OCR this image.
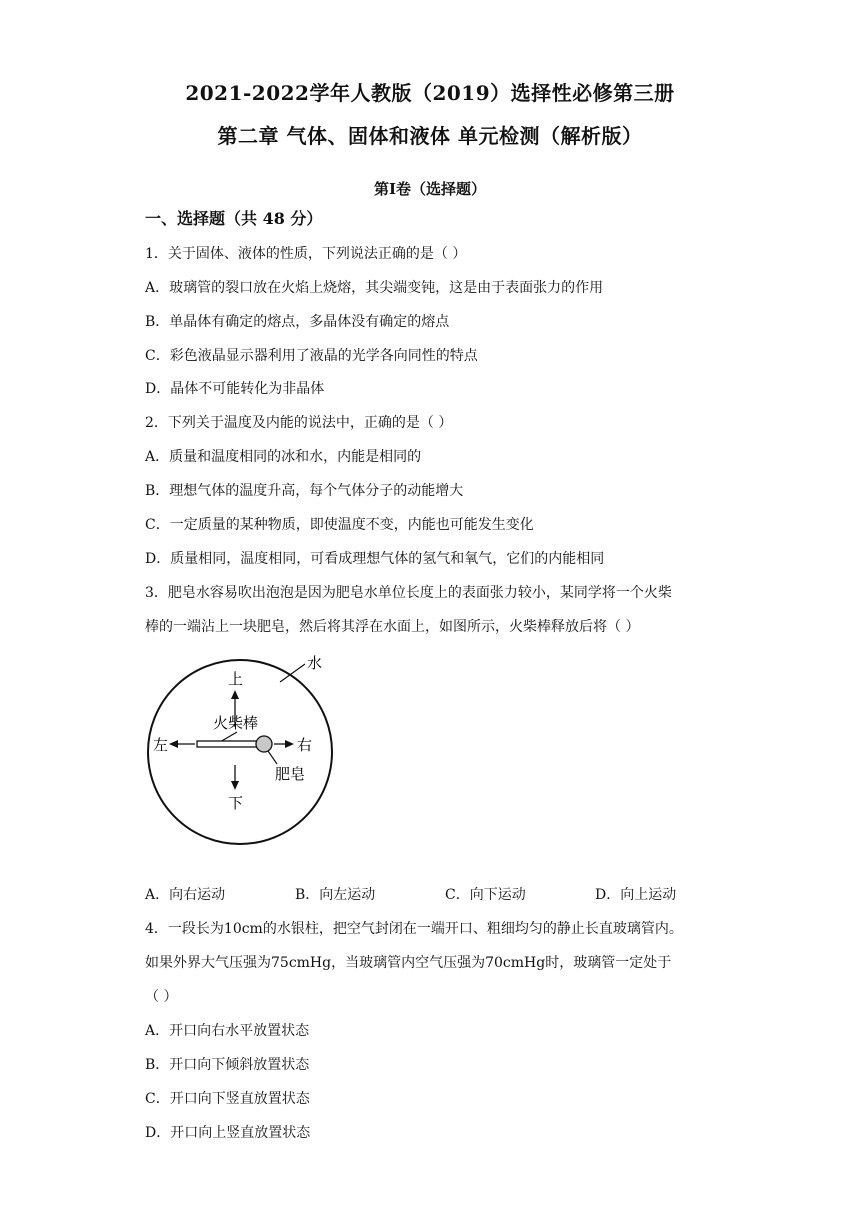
2021-2022学年人教版（2019）选择性必修第三册
第二章 气体、固体和液体 单元检测（解析版）
第Ⅰ卷（选择题）
一、选择题（共 48 分）
1．关于固体、液体的性质，下列说法正确的是（ ）
A．玻璃管的裂口放在火焰上烧熔，其尖端变钝，这是由于表面张力的作用
B．单晶体有确定的熔点，多晶体没有确定的熔点
C．彩色液晶显示器利用了液晶的光学各向同性的特点
D．晶体不可能转化为非晶体
2．下列关于温度及内能的说法中，正确的是（ ）
A．质量和温度相同的冰和水，内能是相同的
B．理想气体的温度升高，每个气体分子的动能增大
C．一定质量的某种物质，即使温度不变，内能也可能发生变化
D．质量相同，温度相同，可看成理想气体的氢气和氧气，它们的内能相同
3．肥皂水容易吹出泡泡是因为肥皂水单位长度上的表面张力较小，某同学将一个火柴
棒的一端沾上一块肥皂，然后将其浮在水面上，如图所示，火柴棒释放后将（ ）
水
上
火柴棒
左	右
肥皂
下
A．向右运动	B．向左运动	C．向下运动	D．向上运动
4．一段长为10cm的水银柱，把空气封闭在一端开口、粗细均匀的静止长直玻璃管内。
如果外界大气压强为75cmHg，当玻璃管内空气压强为70cmHg时，玻璃管一定处于
（ ）
A．开口向右水平放置状态
B．开口向下倾斜放置状态
C．开口向下竖直放置状态
D．开口向上竖直放置状态
